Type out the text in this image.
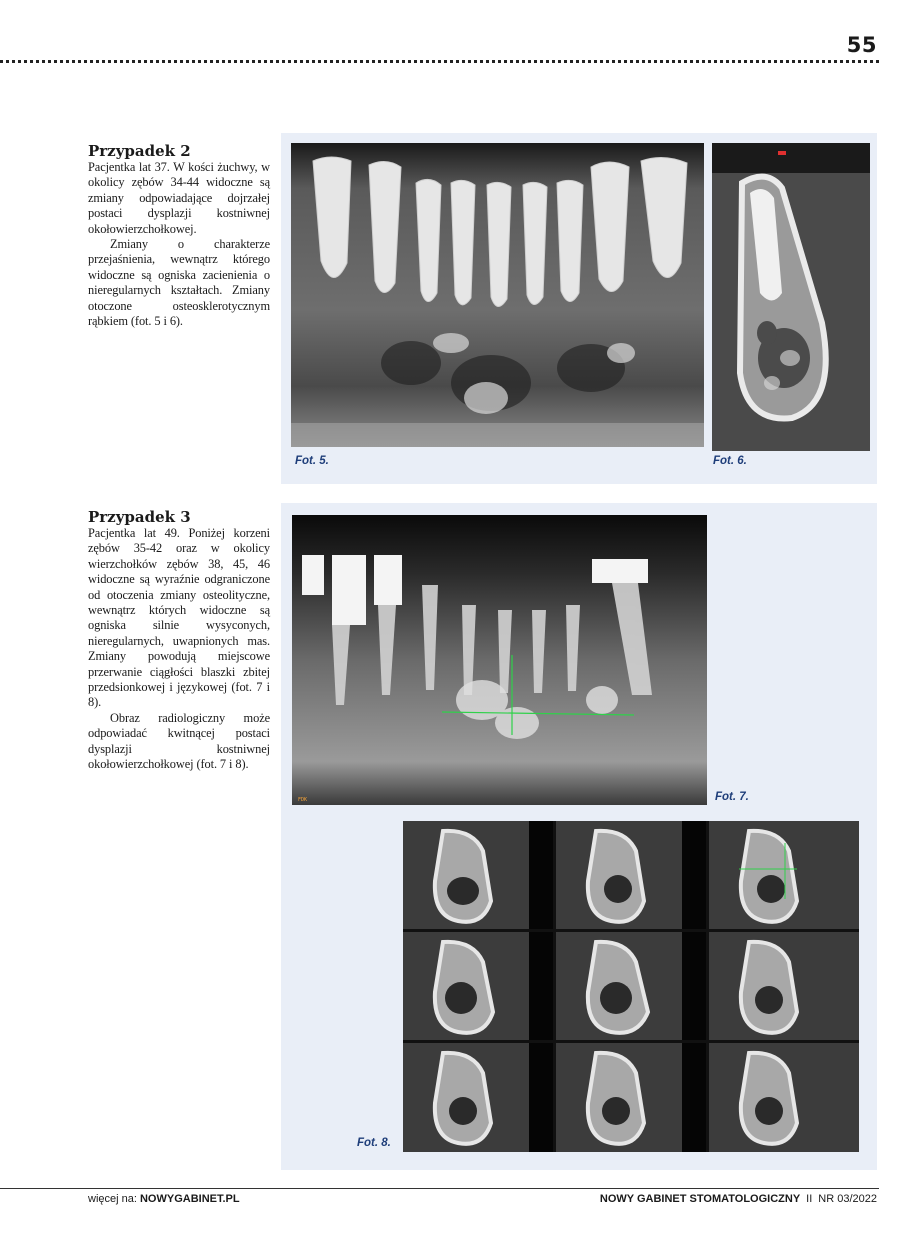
55
Przypadek 2

Pacjentka lat 37. W kości żuchwy, w okolicy zębów 34-44 widoczne są zmiany odpowiadające dojrzałej postaci dysplazji kostniwnej okołowierzchołkowej.

Zmiany o charakterze przejaśnienia, wewnątrz którego widoczne są ogniska zacienienia o nieregularnych kształtach. Zmiany otoczone osteosklerotycznym rąbkiem (fot. 5 i 6).

Fot. 5.	Fot. 6.
Przypadek 3

Pacjentka lat 49. Poniżej korzeni zębów 35-42 oraz w okolicy wierzchołków zębów 38, 45, 46 widoczne są wyraźnie odgraniczone od otoczenia zmiany osteolityczne, wewnątrz których widoczne są ogniska silnie wysyconych, nieregularnych, uwapnionych mas. Zmiany powodują miejscowe przerwanie ciągłości blaszki zbitej przedsionkowej i językowej (fot. 7 i 8).

Obraz radiologiczny może odpowiadać kwitnącej postaci dysplazji kostniwnej okołowierzchołkowej (fot. 7 i 8).

FDK	Fot. 7.
Fot. 8.
więcej na: NOWYGABINET.PL	NOWY GABINET STOMATOLOGICZNY II NR 03/2022
